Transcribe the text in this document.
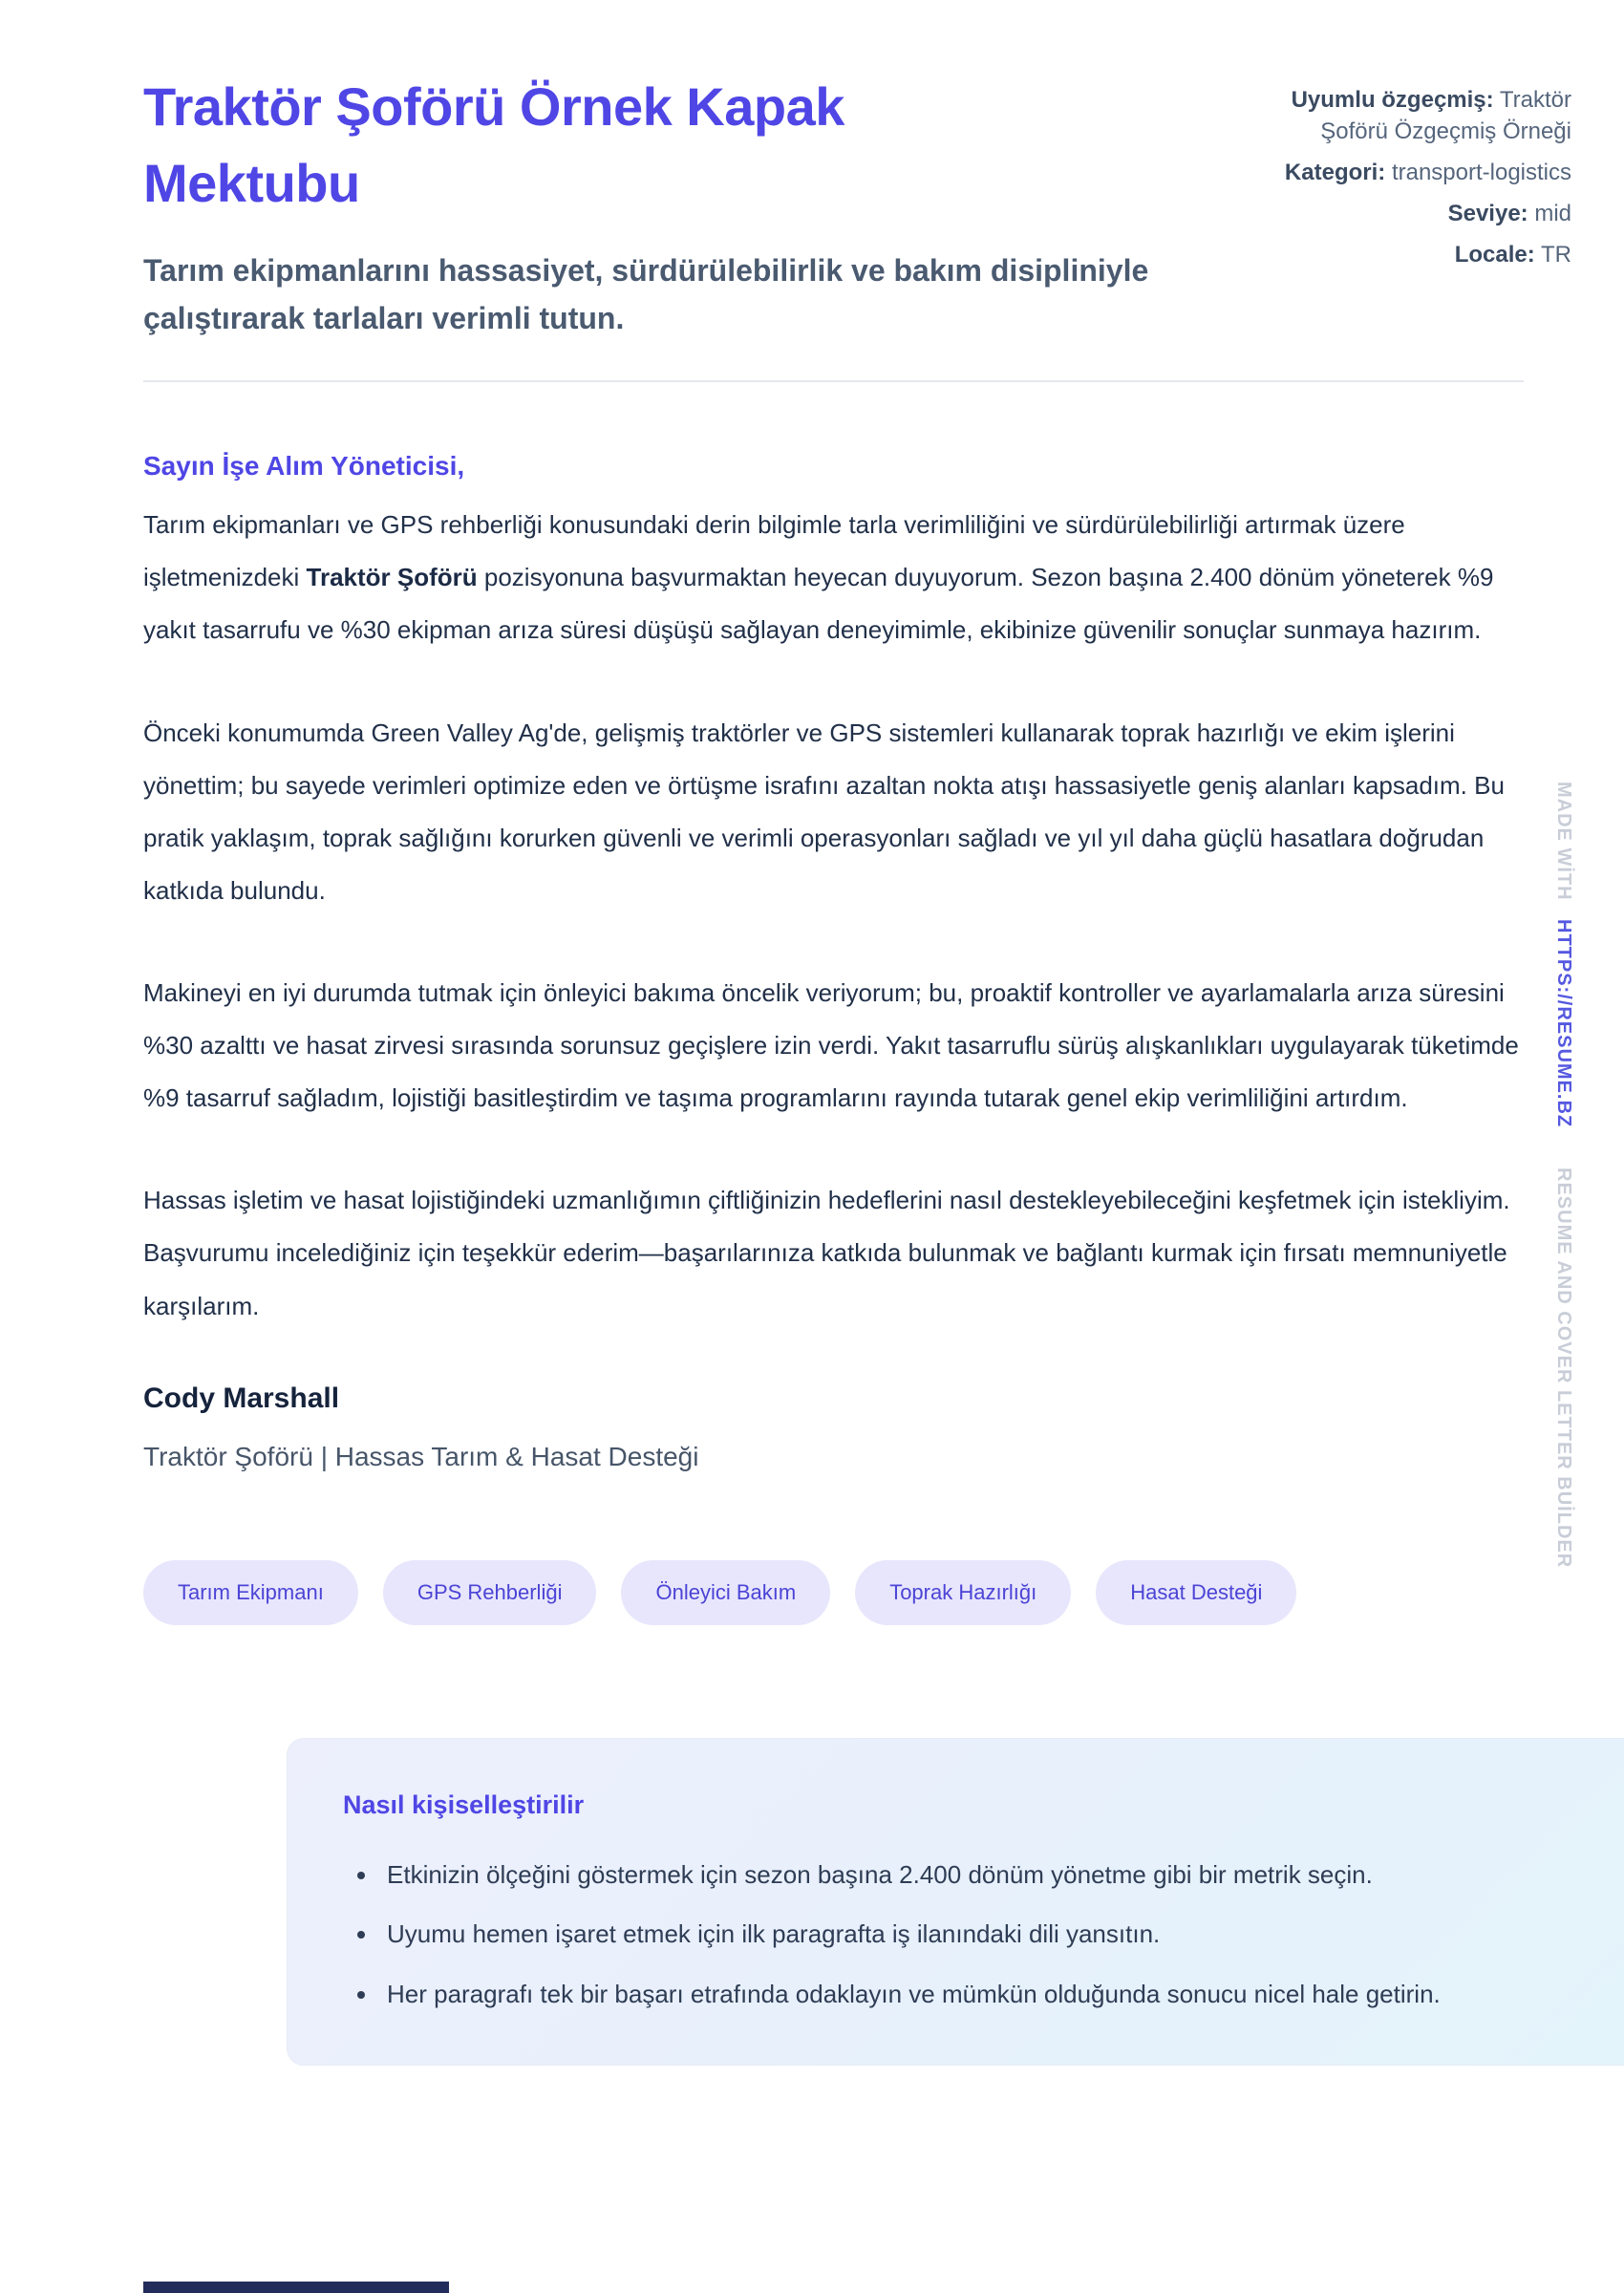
Traktör Şoförü Örnek Kapak Mektubu

Tarım ekipmanlarını hassasiyet, sürdürülebilirlik ve bakım disipliniyle çalıştırarak tarlaları verimli tutun.

Uyumlu özgeçmiş: Traktör Şoförü Özgeçmiş Örneği
Kategori: transport-logistics
Seviye: mid
Locale: TR

Sayın İşe Alım Yöneticisi,

Tarım ekipmanları ve GPS rehberliği konusundaki derin bilgimle tarla verimliliğini ve sürdürülebilirliği artırmak üzere işletmenizdeki Traktör Şoförü pozisyonuna başvurmaktan heyecan duyuyorum. Sezon başına 2.400 dönüm yöneterek %9 yakıt tasarrufu ve %30 ekipman arıza süresi düşüşü sağlayan deneyimimle, ekibinize güvenilir sonuçlar sunmaya hazırım.

Önceki konumumda Green Valley Ag'de, gelişmiş traktörler ve GPS sistemleri kullanarak toprak hazırlığı ve ekim işlerini yönettim; bu sayede verimleri optimize eden ve örtüşme israfını azaltan nokta atışı hassasiyetle geniş alanları kapsadım. Bu pratik yaklaşım, toprak sağlığını korurken güvenli ve verimli operasyonları sağladı ve yıl yıl daha güçlü hasatlara doğrudan katkıda bulundu.

Makineyi en iyi durumda tutmak için önleyici bakıma öncelik veriyorum; bu, proaktif kontroller ve ayarlamalarla arıza süresini %30 azalttı ve hasat zirvesi sırasında sorunsuz geçişlere izin verdi. Yakıt tasarruflu sürüş alışkanlıkları uygulayarak tüketimde %9 tasarruf sağladım, lojistiği basitleştirdim ve taşıma programlarını rayında tutarak genel ekip verimliliğini artırdım.

Hassas işletim ve hasat lojistiğindeki uzmanlığımın çiftliğinizin hedeflerini nasıl destekleyebileceğini keşfetmek için istekliyim. Başvurumu incelediğiniz için teşekkür ederim—başarılarınıza katkıda bulunmak ve bağlantı kurmak için fırsatı memnuniyetle karşılarım.

Cody Marshall

Traktör Şoförü | Hassas Tarım & Hasat Desteği

Tarım Ekipmanı	GPS Rehberliği	Önleyici Bakım	Toprak Hazırlığı	Hasat Desteği
Nasıl kişiselleştirilir
• Etkinizin ölçeğini göstermek için sezon başına 2.400 dönüm yönetme gibi bir metrik seçin.
• Uyumu hemen işaret etmek için ilk paragrafta iş ilanındaki dili yansıtın.
• Her paragrafı tek bir başarı etrafında odaklayın ve mümkün olduğunda sonucu nicel hale getirin.
MADE WİTH
HTTPS://RESUME.BZ
RESUME AND COVER LETTER BUİLDER
